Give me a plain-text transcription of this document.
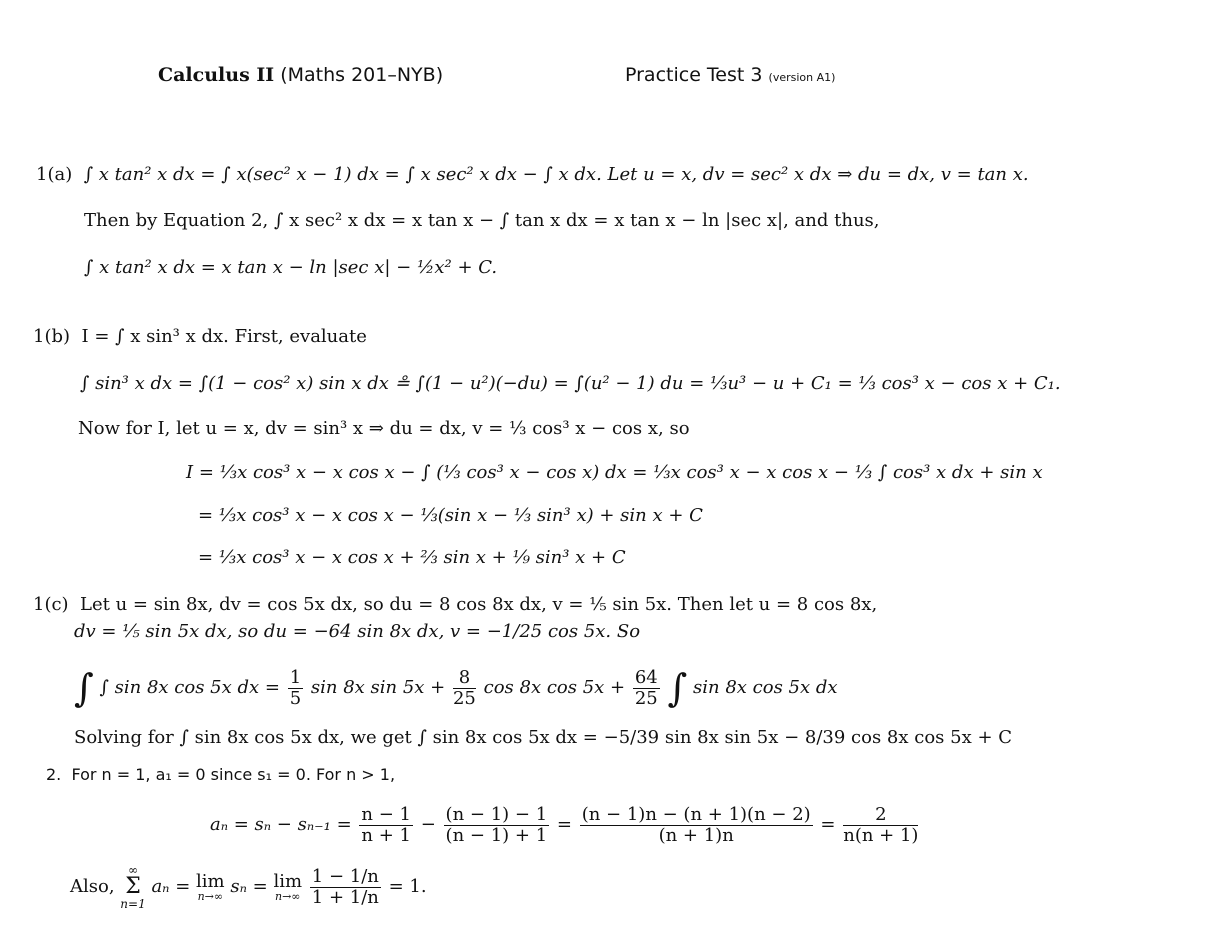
Calculus II (Maths 201–NYB)	Practice Test 3 (version A1)
1(a) ∫ x tan² x dx = ∫ x(sec² x − 1) dx = ∫ x sec² x dx − ∫ x dx. Let u = x, dv = sec² x dx ⇒ du = dx, v = tan x.
Then by Equation 2, ∫ x sec² x dx = x tan x − ∫ tan x dx = x tan x − ln |sec x|, and thus,
∫ x tan² x dx = x tan x − ln |sec x| − ½x² + C.
1(b) I = ∫ x sin³ x dx. First, evaluate
∫ sin³ x dx = ∫(1 − cos² x) sin x dx ≗ ∫(1 − u²)(−du) = ∫(u² − 1) du = ⅓u³ − u + C₁ = ⅓ cos³ x − cos x + C₁.
Now for I, let u = x, dv = sin³ x ⇒ du = dx, v = ⅓ cos³ x − cos x, so
I = ⅓x cos³ x − x cos x − ∫ (⅓ cos³ x − cos x) dx = ⅓x cos³ x − x cos x − ⅓ ∫ cos³ x dx + sin x
= ⅓x cos³ x − x cos x − ⅓(sin x − ⅓ sin³ x) + sin x + C
= ⅓x cos³ x − x cos x + ⅔ sin x + ⅑ sin³ x + C
1(c) Let u = sin 8x, dv = cos 5x dx, so du = 8 cos 8x dx, v = ⅕ sin 5x. Then let u = 8 cos 8x,
dv = ⅕ sin 5x dx, so du = −64 sin 8x dx, v = −1/25 cos 5x. So
∫ ∫ sin 8x cos 5x dx = $\frac{1}{5}$ sin 8x $\sin 5x + \frac{8}{25}$ cos 8x $\cos 5x + \frac{64}{25}$ ∫ sin 8x cos 5x dx
Solving for ∫ sin 8x cos 5x dx, we get ∫ sin 8x cos 5x dx = −5/39 sin 8x sin 5x − 8/39 cos 8x cos 5x + C
2. For n = 1, a₁ = 0 since s₁ = 0. For n > 1,
$a_n = s_n - s_{n-1} = \frac{n - 1}{n + 1} - \frac{(n - 1) - 1}{(n - 1) + 1} = \frac{(n - 1)n - (n + 1)(n - 2)}{(n + 1)n} = \frac{2}{n(n + 1)}$
Also, ∞
Σ
n=1 aₙ = lim
n→∞ sₙ = lim
n→∞
$\frac{1 - 1/n}{1 + 1/n} = 1$.
